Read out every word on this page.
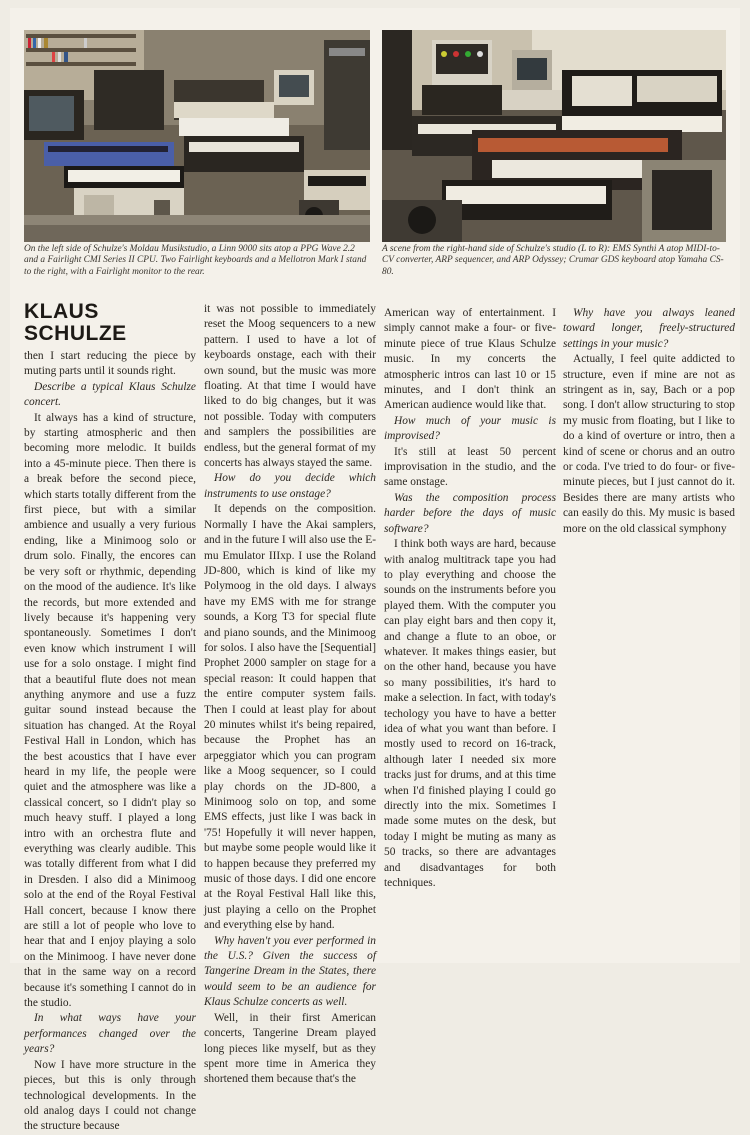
On the left side of Schulze's Moldau Musikstudio, a Linn 9000 sits atop a PPG Wave 2.2 and a Fairlight CMI Series II CPU. Two Fairlight keyboards and a Mellotron Mark I stand to the right, with a Fairlight monitor to the rear.
A scene from the right-hand side of Schulze's studio (L to R): EMS Synthi A atop MIDI-to-CV converter, ARP sequencer, and ARP Odyssey; Crumar GDS keyboard atop Yamaha CS-80.
KLAUS SCHULZE

then I start reducing the piece by muting parts until it sounds right.

Describe a typical Klaus Schulze concert.

It always has a kind of structure, by starting atmospheric and then becoming more melodic. It builds into a 45-minute piece. Then there is a break before the second piece, which starts totally different from the first piece, but with a similar ambience and usually a very furious ending, like a Minimoog solo or drum solo. Finally, the encores can be very soft or rhythmic, depending on the mood of the audience. It's like the records, but more extended and lively because it's happening very spontaneously. Sometimes I don't even know which instrument I will use for a solo onstage. I might find that a beautiful flute does not mean anything anymore and use a fuzz guitar sound instead because the situation has changed. At the Royal Festival Hall in London, which has the best acoustics that I have ever heard in my life, the people were quiet and the atmosphere was like a classical concert, so I didn't play so much heavy stuff. I played a long intro with an orchestra flute and everything was clearly audible. This was totally different from what I did in Dresden. I also did a Minimoog solo at the end of the Royal Festival Hall concert, because I know there are still a lot of people who love to hear that and I enjoy playing a solo on the Minimoog. I have never done that in the same way on a record because it's something I cannot do in the studio.

In what ways have your performances changed over the years?

Now I have more structure in the pieces, but this is only through technological developments. In the old analog days I could not change the structure because

it was not possible to immediately reset the Moog sequencers to a new pattern. I used to have a lot of keyboards onstage, each with their own sound, but the music was more floating. At that time I would have liked to do big changes, but it was not possible. Today with computers and samplers the possibilities are endless, but the general format of my concerts has always stayed the same.

How do you decide which instruments to use onstage?

It depends on the composition. Normally I have the Akai samplers, and in the future I will also use the E-mu Emulator IIIxp. I use the Roland JD-800, which is kind of like my Polymoog in the old days. I always have my EMS with me for strange sounds, a Korg T3 for special flute and piano sounds, and the Minimoog for solos. I also have the [Sequential] Prophet 2000 sampler on stage for a special reason: It could happen that the entire computer system fails. Then I could at least play for about 20 minutes whilst it's being repaired, because the Prophet has an arpeggiator which you can program like a Moog sequencer, so I could play chords on the JD-800, a Minimoog solo on top, and some EMS effects, just like I was back in '75! Hopefully it will never happen, but maybe some people would like it to happen because they preferred my music of those days. I did one encore at the Royal Festival Hall like this, just playing a cello on the Prophet and everything else by hand.

Why haven't you ever performed in the U.S.? Given the success of Tangerine Dream in the States, there would seem to be an audience for Klaus Schulze concerts as well.

Well, in their first American concerts, Tangerine Dream played long pieces like myself, but as they spent more time in America they shortened them because that's the

American way of entertainment. I simply cannot make a four- or five-minute piece of true Klaus Schulze music. In my concerts the atmospheric intros can last 10 or 15 minutes, and I don't think an American audience would like that.

How much of your music is improvised?

It's still at least 50 percent improvisation in the studio, and the same onstage.

Was the composition process harder before the days of music software?

I think both ways are hard, because with analog multitrack tape you had to play everything and choose the sounds on the instruments before you played them. With the computer you can play eight bars and then copy it, and change a flute to an oboe, or whatever. It makes things easier, but on the other hand, because you have so many possibilities, it's hard to make a selection. In fact, with today's techology you have to have a better idea of what you want than before. I mostly used to record on 16-track, although later I needed six more tracks just for drums, and at this time when I'd finished playing I could go directly into the mix. Sometimes I made some mutes on the desk, but today I might be muting as many as 50 tracks, so there are advantages and disadvantages for both techniques.

Why have you always leaned toward longer, freely-structured settings in your music?

Actually, I feel quite addicted to structure, even if mine are not as stringent as in, say, Bach or a pop song. I don't allow structuring to stop my music from floating, but I like to do a kind of overture or intro, then a kind of scene or chorus and an outro or coda. I've tried to do four- or five-minute pieces, but I just cannot do it. Besides there are many artists who can easily do this. My music is based more on the old classical symphony
